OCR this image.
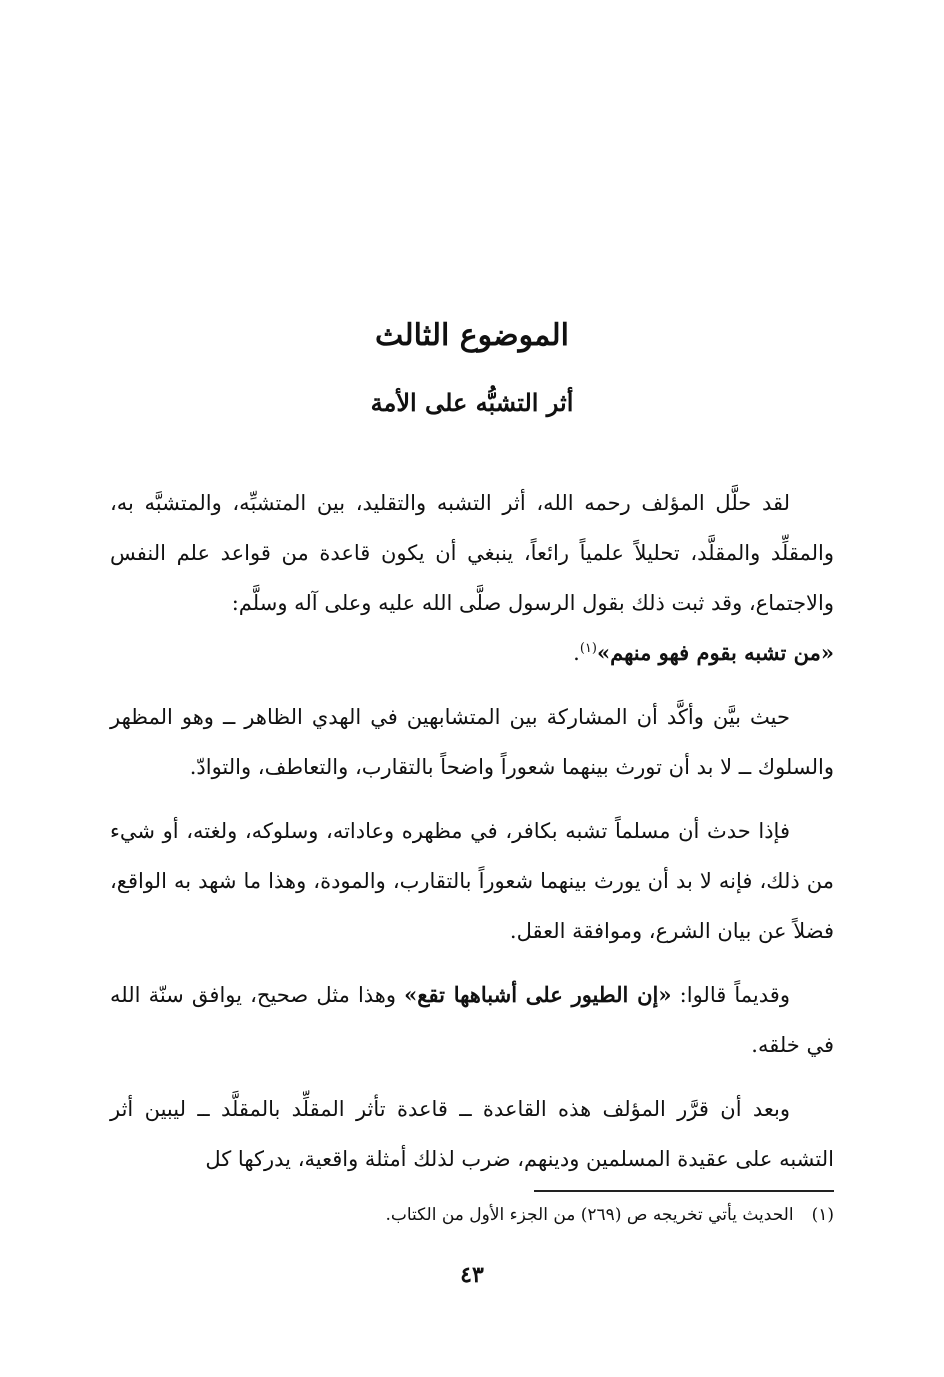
الموضوع الثالث
أثر التشبُّه على الأمة

لقد حلَّل المؤلف رحمه الله، أثر التشبه والتقليد، بين المتشبِّه، والمتشبَّه به، والمقلِّد والمقلَّد، تحليلاً علمياً رائعاً، ينبغي أن يكون قاعدة من قواعد علم النفس والاجتماع، وقد ثبت ذلك بقول الرسول صلَّى الله عليه وعلى آله وسلَّم:
«من تشبه بقوم فهو منهم»$^{(١)}$.

حيث بيَّن وأكَّد أن المشاركة بين المتشابهين في الهدي الظاهر ــ وهو المظهر والسلوك ــ لا بد أن تورث بينهما شعوراً واضحاً بالتقارب، والتعاطف، والتوادّ.

فإذا حدث أن مسلماً تشبه بكافر، في مظهره وعاداته، وسلوكه، ولغته، أو شيء من ذلك، فإنه لا بد أن يورث بينهما شعوراً بالتقارب، والمودة، وهذا ما شهد به الواقع، فضلاً عن بيان الشرع، وموافقة العقل.

وقديماً قالوا: «إن الطيور على أشباهها تقع» وهذا مثل صحيح، يوافق سنّة الله في خلقه.

وبعد أن قرَّر المؤلف هذه القاعدة ــ قاعدة تأثر المقلِّد بالمقلَّد ــ ليبين أثر التشبه على عقيدة المسلمين ودينهم، ضرب لذلك أمثلة واقعية، يدركها كل

(١)الحديث يأتي تخريجه ص (٢٦٩) من الجزء الأول من الكتاب.
٤٣
